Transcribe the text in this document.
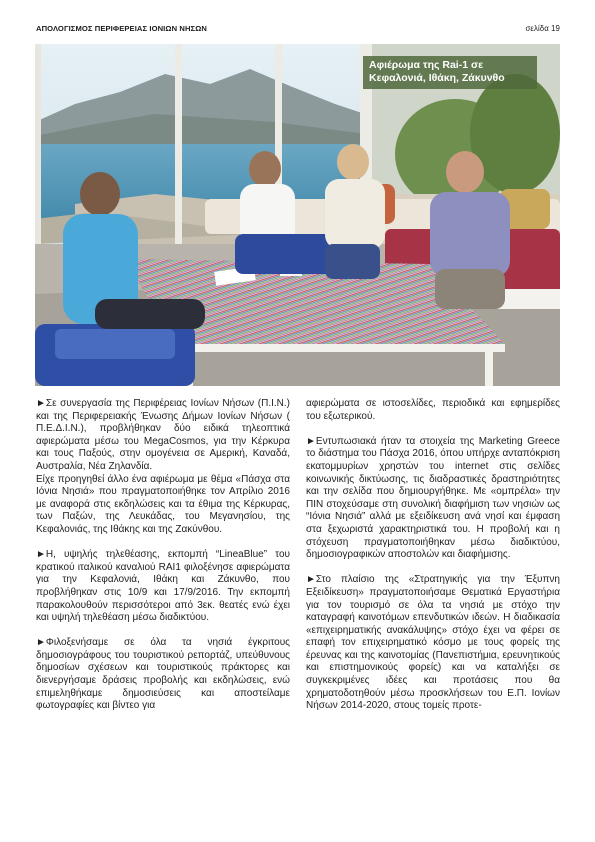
ΑΠΟΛΟΓΙΣΜΟΣ ΠΕΡΙΦΕΡΕΙΑΣ ΙΟΝΙΩΝ ΝΗΣΩΝ	σελίδα 19
Αφιέρωμα της Rai-1 σε Κεφαλονιά, Ιθάκη, Ζάκυνθο

►Σε συνεργασία της Περιφέρειας Ιονίων Νήσων (Π.Ι.Ν.) και της Περιφερειακής Ένωσης Δήμων Ιονίων Νήσων ( Π.Ε.Δ.Ι.Ν.), προβλήθηκαν δύο ειδικά τηλεοπτικά αφιερώματα μέσω του MegaCosmos, για την Κέρκυρα και τους Παξούς, στην ομογένεια σε Αμερική, Καναδά, Αυστραλία, Νέα Ζηλανδία.

Είχε προηγηθεί άλλο ένα αφιέρωμα με θέμα «Πάσχα στα Ιόνια Νησιά» που πραγματοποιήθηκε τον Απρίλιο 2016 με αναφορά στις εκδηλώσεις και τα έθιμα της Κέρκυρας, των Παξών, της Λευκάδας, του Μεγανησίου, της Κεφαλονιάς, της Ιθάκης και της Ζακύνθου.

►Η, υψηλής τηλεθέασης, εκπομπή “LineaBlue” του κρατικού ιταλικού καναλιού RAI1 φιλοξένησε αφιερώματα για την Κεφαλονιά, Ιθάκη και Ζάκυνθο, που προβλήθηκαν στις 10/9 και 17/9/2016. Την εκπομπή παρακολουθούν περισσότεροι από 3εκ. θεατές ενώ έχει και υψηλή τηλεθέαση μέσω διαδικτύου.

►Φιλοξενήσαμε σε όλα τα νησιά έγκριτους δημοσιογράφους του τουριστικού ρεπορτάζ, υπεύθυνους δημοσίων σχέσεων και τουριστικούς πράκτορες και διενεργήσαμε δράσεις προβολής και εκδηλώσεις, ενώ επιμεληθήκαμε δημοσιεύσεις και αποστείλαμε φωτογραφίες και βίντεο για

αφιερώματα σε ιστοσελίδες, περιοδικά και εφημερίδες του εξωτερικού.

►Εντυπωσιακά ήταν τα στοιχεία της Marketing Greece το διάστημα του Πάσχα 2016, όπου υπήρχε ανταπόκριση εκατομμυρίων χρηστών του internet στις σελίδες κοινωνικής δικτύωσης, τις διαδραστικές δραστηριότητες και την σελίδα που δημιουργήθηκε. Με «ομπρέλα» την ΠΙΝ στοχεύσαμε στη συνολική διαφήμιση των νησιών ως “Ιόνια Νησιά” αλλά με εξειδίκευση ανά νησί και έμφαση στα ξεχωριστά χαρακτηριστικά του. Η προβολή και η στόχευση πραγματοποιήθηκαν μέσω διαδικτύου, δημοσιογραφικών αποστολών και διαφήμισης.

►Στο πλαίσιο της «Στρατηγικής για την Έξυπνη Εξειδίκευση» πραγματοποιήσαμε Θεματικά Εργαστήρια για τον τουρισμό σε όλα τα νησιά με στόχο την καταγραφή καινοτόμων επενδυτικών ιδεών. Η διαδικασία «επιχειρηματικής ανακάλυψης» στόχο έχει να φέρει σε επαφή τον επιχειρηματικό κόσμο με τους φορείς της έρευνας και της καινοτομίας (Πανεπιστήμια, ερευνητικούς και επιστημονικούς φορείς) και να καταλήξει σε συγκεκριμένες ιδέες και προτάσεις που θα χρηματοδοτηθούν μέσω προσκλήσεων του Ε.Π. Ιονίων Νήσων 2014-2020, στους τομείς προτε-
